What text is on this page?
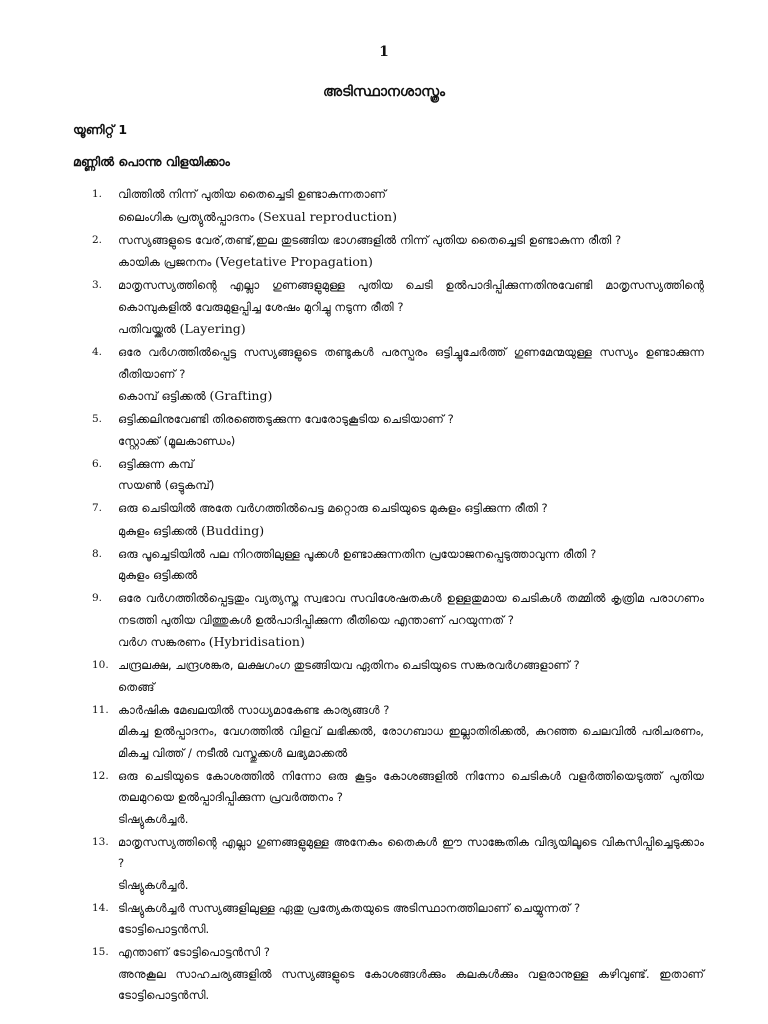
1
അടിസ്ഥാനശാസ്ത്രം
യൂണിറ്റ് 1
മണ്ണിൽ പൊന്നു വിളയിക്കാം
1.	വിത്തിൽ നിന്ന് പുതിയ തൈച്ചെടി ഉണ്ടാകുന്നതാണ്
ലൈംഗിക പ്രത്യുൽപ്പാദനം (Sexual reproduction)
2.	സസ്യങ്ങളുടെ വേര്,തണ്ട്,ഇല തുടങ്ങിയ ഭാഗങ്ങളിൽ നിന്ന് പുതിയ തൈച്ചെടി ഉണ്ടാകുന്ന രീതി ?
കായിക പ്രജനനം (Vegetative Propagation)
3.	മാതൃസസ്യത്തിന്റെ എല്ലാ ഗുണങ്ങളുമുള്ള പുതിയ ചെടി ഉൽപാദിപ്പിക്കുന്നതിനുവേണ്ടി മാതൃസസ്യത്തിന്റെ കൊമ്പുകളിൽ വേരുമുളപ്പിച്ച ശേഷം മുറിച്ചു നടുന്ന രീതി ?
പതിവയ്ക്കൽ (Layering)
4.	ഒരേ വർഗത്തിൽപ്പെട്ട സസ്യങ്ങളുടെ തണ്ടുകൾ പരസ്പരം ഒട്ടിച്ചുചേർത്ത് ഗുണമേന്മയുള്ള സസ്യം ഉണ്ടാക്കുന്ന രീതിയാണ് ?
കൊമ്പ് ഒട്ടിക്കൽ (Grafting)
5.	ഒട്ടിക്കലിനുവേണ്ടി തിരഞ്ഞെടുക്കുന്ന വേരോടുകൂടിയ ചെടിയാണ് ?
സ്റ്റോക്ക് (മൂലകാണ്ഡം)
6.	ഒട്ടിക്കുന്ന കമ്പ്
സയൺ (ഒട്ടുകമ്പ്)
7.	ഒരു ചെടിയിൽ അതേ വർഗത്തിൽപെട്ട മറ്റൊരു ചെടിയുടെ മുകുളം ഒട്ടിക്കുന്ന രീതി ?
മുകുളം ഒട്ടിക്കൽ (Budding)
8.	ഒരു പൂച്ചെടിയിൽ പല നിറത്തിലുള്ള പൂക്കൾ ഉണ്ടാക്കുന്നതിന പ്രയോജനപ്പെടുത്താവുന്ന രീതി ?
മുകുളം ഒട്ടിക്കൽ
9.	ഒരേ വർഗത്തിൽപ്പെട്ടതും വ്യത്യസ്ത സ്വഭാവ സവിശേഷതകൾ ഉള്ളതുമായ ചെടികൾ തമ്മിൽ കൃത്രിമ പരാഗണം നടത്തി പുതിയ വിത്തുകൾ ഉൽപാദിപ്പിക്കുന്ന രീതിയെ എന്താണ് പറയുന്നത് ?
വർഗ സങ്കരണം (Hybridisation)
10. ചന്ദ്രലക്ഷ, ചന്ദ്രശങ്കര, ലക്ഷഗംഗ തുടങ്ങിയവ ഏതിനം ചെടിയുടെ സങ്കരവർഗങ്ങളാണ് ?
തെങ്ങ്
11. കാർഷിക മേഖലയിൽ സാധ്യമാകേണ്ട കാര്യങ്ങൾ ?
മികച്ച ഉൽപ്പാദനം, വേഗത്തിൽ വിളവ് ലഭിക്കൽ, രോഗബാധ ഇല്ലാതിരിക്കൽ, കുറഞ്ഞ ചെലവിൽ പരിചരണം, മികച്ച വിത്ത് / നടീൽ വസ്തുക്കൾ ലഭ്യമാക്കൽ
12. ഒരു ചെടിയുടെ കോശത്തിൽ നിന്നോ ഒരു കൂട്ടം കോശങ്ങളിൽ നിന്നോ ചെടികൾ വളർത്തിയെടുത്ത് പുതിയ തലമുറയെ ഉൽപ്പാദിപ്പിക്കുന്ന പ്രവർത്തനം ?
ടിഷ്യുകൾച്ചർ.
13. മാതൃസസ്യത്തിന്റെ എല്ലാ ഗുണങ്ങളുമുള്ള അനേകം തൈകൾ ഈ സാങ്കേതിക വിദ്യയിലൂടെ വികസിപ്പിച്ചെടുക്കാം ?
ടിഷ്യുകൾച്ചർ.
14. ടിഷ്യുകൾച്ചർ സസ്യങ്ങളിലുള്ള ഏതു പ്രത്യേകതയുടെ അടിസ്ഥാനത്തിലാണ് ചെയ്യുന്നത് ?
ടോട്ടിപൊട്ടൻസി.
15. എന്താണ് ടോട്ടിപൊട്ടൻസി ?
അനുകൂല സാഹചര്യങ്ങളിൽ സസ്യങ്ങളുടെ കോശങ്ങൾക്കും കലകൾക്കും വളരാനുള്ള കഴിവുണ്ട്. ഇതാണ് ടോട്ടിപൊട്ടൻസി.
